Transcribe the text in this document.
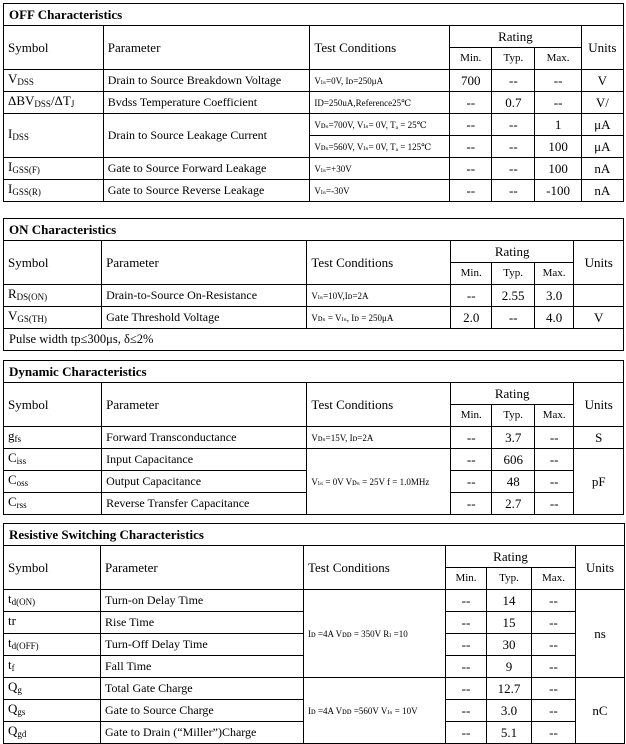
OFF Characteristics						
Symbol	Parameter	Test Conditions	Rating			Units
			Min.	Typ.	Max.	
$V_{DSS}$	Drain to Source Breakdown Voltage	Vₗₛ=0V, Iᴅ=250μA	700	--	--	V
$\Delta BV_{DSS}/\Delta T_J$	Bvdss Temperature Coefficient	ID=250uA,Reference25℃	--	0.7	--	V/
$I_{DSS}$	Drain to Source Leakage Current	Vᴅₛ=700V, Vₗₛ= 0V, Tₐ = 25℃	--	--	1	μA
		Vᴅₛ=560V, Vₗₛ= 0V, Tₐ = 125℃	--	--	100	μA
$I_{GSS(F)}$	Gate to Source Forward Leakage	Vₗₛ=+30V	--	--	100	nA
$I_{GSS(R)}$	Gate to Source Reverse Leakage	Vₗₛ=-30V	--	--	-100	nA
ON Characteristics						
Symbol	Parameter	Test Conditions	Rating			Units
			Min.	Typ.	Max.	
$R_{DS(ON)}$	Drain-to-Source On-Resistance	Vₗₛ=10V,Iᴅ=2A	--	2.55	3.0	
$V_{GS(TH)}$	Gate Threshold Voltage	Vᴅₛ = Vₗₛ, Iᴅ = 250μA	2.0	--	4.0	V
Pulse width tp≤300μs, δ≤2%						
Dynamic Characteristics						
Symbol	Parameter	Test Conditions	Rating			Units
			Min.	Typ.	Max.	
$g_{fs}$	Forward Transconductance	Vᴅₛ=15V, Iᴅ=2A	--	3.7	--	S
$C_{iss}$	Input Capacitance	Vₗₛ = 0V Vᴅₛ = 25V f = 1.0MHz	--	606	--	pF
$C_{oss}$	Output Capacitance		--	48	--	
$C_{rss}$	Reverse Transfer Capacitance		--	2.7	--	
Resistive Switching Characteristics						
Symbol	Parameter	Test Conditions	Rating			Units
			Min.	Typ.	Max.	
$t_{d(ON)}$	Turn-on Delay Time	Iᴅ =4A Vᴅᴅ = 350V Rₗ =10	--	14	--	ns
tr	Rise Time		--	15	--	
$t_{d(OFF)}$	Turn-Off Delay Time		--	30	--	
$t_f$	Fall Time		--	9	--	
$Q_g$	Total Gate Charge	Iᴅ =4A Vᴅᴅ =560V Vₗₛ = 10V	--	12.7	--	nC
$Q_{gs}$	Gate to Source Charge		--	3.0	--	
$Q_{gd}$	Gate to Drain (“Miller”)Charge		--	5.1	--	
